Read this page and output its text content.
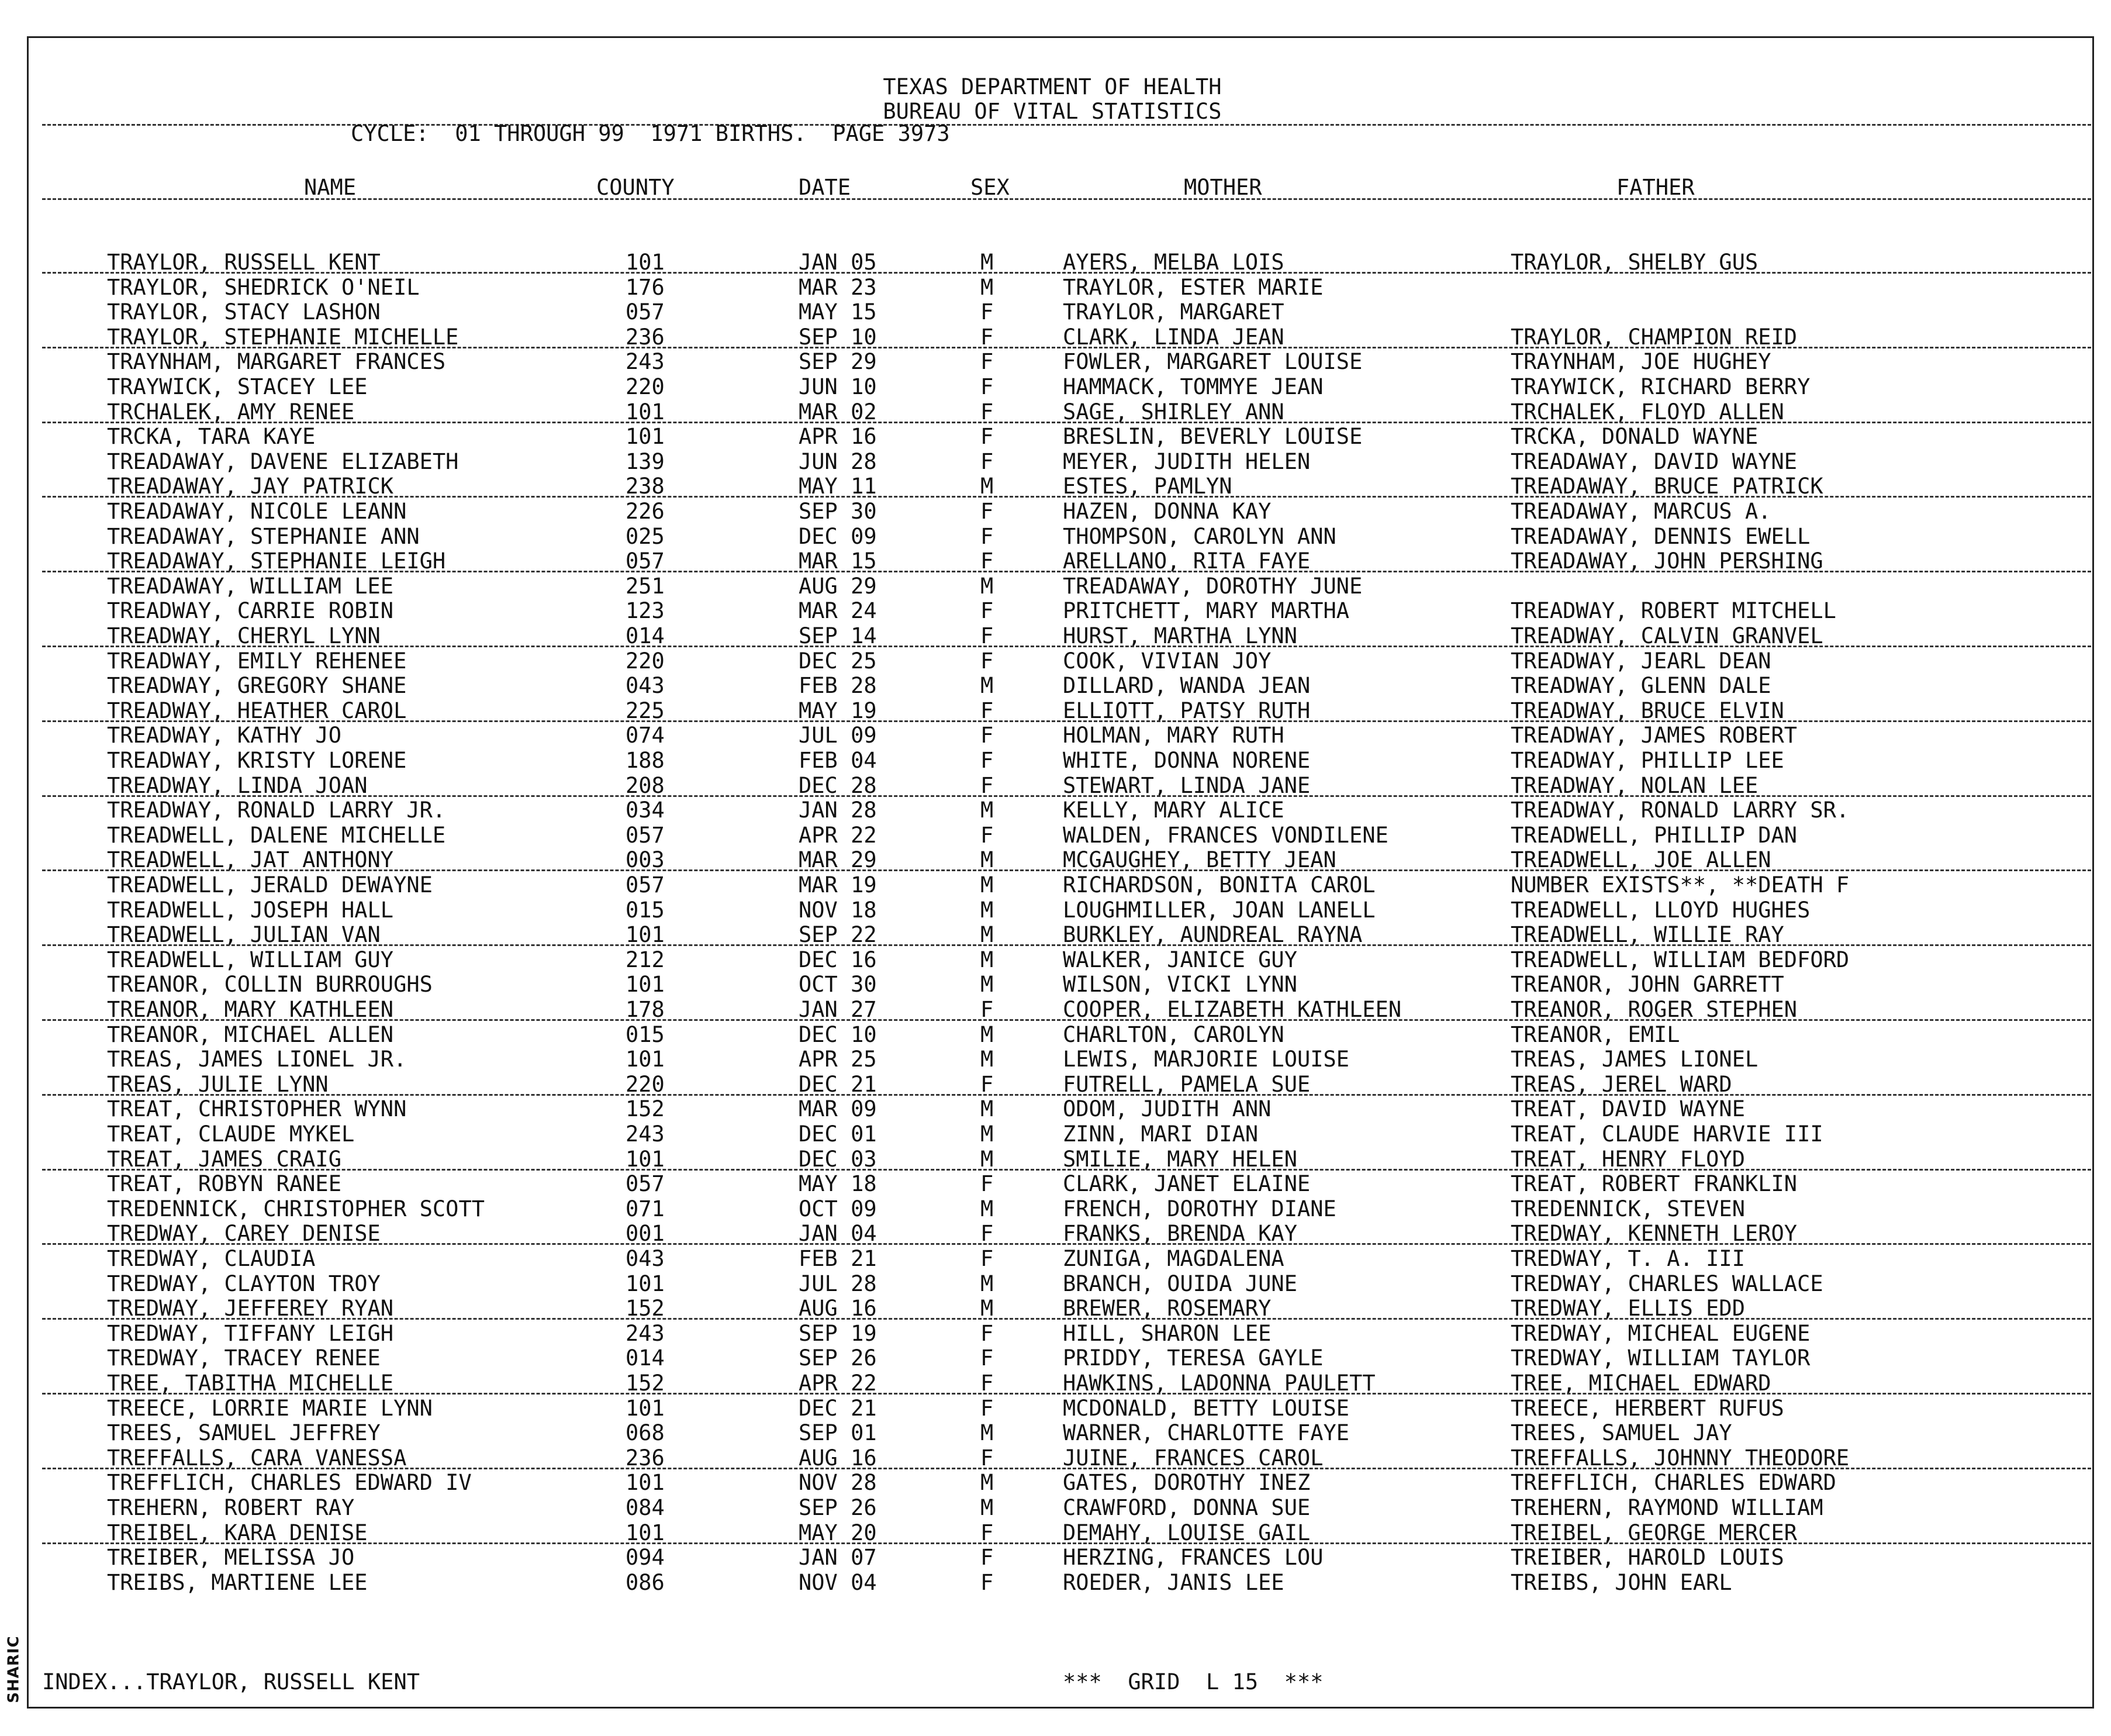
SHARIC
TEXAS DEPARTMENT OF HEALTH
BUREAU OF VITAL STATISTICS
CYCLE:  01 THROUGH 99  1971 BIRTHS.  PAGE 3973
NAME	COUNTY	DATE	SEX	MOTHER	FATHER
TRAYLOR, RUSSELL KENT	101	JAN 05	M	AYERS, MELBA LOIS	TRAYLOR, SHELBY GUS
TRAYLOR, SHEDRICK O'NEIL	176	MAR 23	M	TRAYLOR, ESTER MARIE
TRAYLOR, STACY LASHON	057	MAY 15	F	TRAYLOR, MARGARET
TRAYLOR, STEPHANIE MICHELLE	236	SEP 10	F	CLARK, LINDA JEAN	TRAYLOR, CHAMPION REID
TRAYNHAM, MARGARET FRANCES	243	SEP 29	F	FOWLER, MARGARET LOUISE	TRAYNHAM, JOE HUGHEY
TRAYWICK, STACEY LEE	220	JUN 10	F	HAMMACK, TOMMYE JEAN	TRAYWICK, RICHARD BERRY
TRCHALEK, AMY RENEE	101	MAR 02	F	SAGE, SHIRLEY ANN	TRCHALEK, FLOYD ALLEN
TRCKA, TARA KAYE	101	APR 16	F	BRESLIN, BEVERLY LOUISE	TRCKA, DONALD WAYNE
TREADAWAY, DAVENE ELIZABETH	139	JUN 28	F	MEYER, JUDITH HELEN	TREADAWAY, DAVID WAYNE
TREADAWAY, JAY PATRICK	238	MAY 11	M	ESTES, PAMLYN	TREADAWAY, BRUCE PATRICK
TREADAWAY, NICOLE LEANN	226	SEP 30	F	HAZEN, DONNA KAY	TREADAWAY, MARCUS A.
TREADAWAY, STEPHANIE ANN	025	DEC 09	F	THOMPSON, CAROLYN ANN	TREADAWAY, DENNIS EWELL
TREADAWAY, STEPHANIE LEIGH	057	MAR 15	F	ARELLANO, RITA FAYE	TREADAWAY, JOHN PERSHING
TREADAWAY, WILLIAM LEE	251	AUG 29	M	TREADAWAY, DOROTHY JUNE
TREADWAY, CARRIE ROBIN	123	MAR 24	F	PRITCHETT, MARY MARTHA	TREADWAY, ROBERT MITCHELL
TREADWAY, CHERYL LYNN	014	SEP 14	F	HURST, MARTHA LYNN	TREADWAY, CALVIN GRANVEL
TREADWAY, EMILY REHENEE	220	DEC 25	F	COOK, VIVIAN JOY	TREADWAY, JEARL DEAN
TREADWAY, GREGORY SHANE	043	FEB 28	M	DILLARD, WANDA JEAN	TREADWAY, GLENN DALE
TREADWAY, HEATHER CAROL	225	MAY 19	F	ELLIOTT, PATSY RUTH	TREADWAY, BRUCE ELVIN
TREADWAY, KATHY JO	074	JUL 09	F	HOLMAN, MARY RUTH	TREADWAY, JAMES ROBERT
TREADWAY, KRISTY LORENE	188	FEB 04	F	WHITE, DONNA NORENE	TREADWAY, PHILLIP LEE
TREADWAY, LINDA JOAN	208	DEC 28	F	STEWART, LINDA JANE	TREADWAY, NOLAN LEE
TREADWAY, RONALD LARRY JR.	034	JAN 28	M	KELLY, MARY ALICE	TREADWAY, RONALD LARRY SR.
TREADWELL, DALENE MICHELLE	057	APR 22	F	WALDEN, FRANCES VONDILENE	TREADWELL, PHILLIP DAN
TREADWELL, JAT ANTHONY	003	MAR 29	M	MCGAUGHEY, BETTY JEAN	TREADWELL, JOE ALLEN
TREADWELL, JERALD DEWAYNE	057	MAR 19	M	RICHARDSON, BONITA CAROL	NUMBER EXISTS**, **DEATH F
TREADWELL, JOSEPH HALL	015	NOV 18	M	LOUGHMILLER, JOAN LANELL	TREADWELL, LLOYD HUGHES
TREADWELL, JULIAN VAN	101	SEP 22	M	BURKLEY, AUNDREAL RAYNA	TREADWELL, WILLIE RAY
TREADWELL, WILLIAM GUY	212	DEC 16	M	WALKER, JANICE GUY	TREADWELL, WILLIAM BEDFORD
TREANOR, COLLIN BURROUGHS	101	OCT 30	M	WILSON, VICKI LYNN	TREANOR, JOHN GARRETT
TREANOR, MARY KATHLEEN	178	JAN 27	F	COOPER, ELIZABETH KATHLEEN	TREANOR, ROGER STEPHEN
TREANOR, MICHAEL ALLEN	015	DEC 10	M	CHARLTON, CAROLYN	TREANOR, EMIL
TREAS, JAMES LIONEL JR.	101	APR 25	M	LEWIS, MARJORIE LOUISE	TREAS, JAMES LIONEL
TREAS, JULIE LYNN	220	DEC 21	F	FUTRELL, PAMELA SUE	TREAS, JEREL WARD
TREAT, CHRISTOPHER WYNN	152	MAR 09	M	ODOM, JUDITH ANN	TREAT, DAVID WAYNE
TREAT, CLAUDE MYKEL	243	DEC 01	M	ZINN, MARI DIAN	TREAT, CLAUDE HARVIE III
TREAT, JAMES CRAIG	101	DEC 03	M	SMILIE, MARY HELEN	TREAT, HENRY FLOYD
TREAT, ROBYN RANEE	057	MAY 18	F	CLARK, JANET ELAINE	TREAT, ROBERT FRANKLIN
TREDENNICK, CHRISTOPHER SCOTT	071	OCT 09	M	FRENCH, DOROTHY DIANE	TREDENNICK, STEVEN
TREDWAY, CAREY DENISE	001	JAN 04	F	FRANKS, BRENDA KAY	TREDWAY, KENNETH LEROY
TREDWAY, CLAUDIA	043	FEB 21	F	ZUNIGA, MAGDALENA	TREDWAY, T. A. III
TREDWAY, CLAYTON TROY	101	JUL 28	M	BRANCH, OUIDA JUNE	TREDWAY, CHARLES WALLACE
TREDWAY, JEFFEREY RYAN	152	AUG 16	M	BREWER, ROSEMARY	TREDWAY, ELLIS EDD
TREDWAY, TIFFANY LEIGH	243	SEP 19	F	HILL, SHARON LEE	TREDWAY, MICHEAL EUGENE
TREDWAY, TRACEY RENEE	014	SEP 26	F	PRIDDY, TERESA GAYLE	TREDWAY, WILLIAM TAYLOR
TREE, TABITHA MICHELLE	152	APR 22	F	HAWKINS, LADONNA PAULETT	TREE, MICHAEL EDWARD
TREECE, LORRIE MARIE LYNN	101	DEC 21	F	MCDONALD, BETTY LOUISE	TREECE, HERBERT RUFUS
TREES, SAMUEL JEFFREY	068	SEP 01	M	WARNER, CHARLOTTE FAYE	TREES, SAMUEL JAY
TREFFALLS, CARA VANESSA	236	AUG 16	F	JUINE, FRANCES CAROL	TREFFALLS, JOHNNY THEODORE
TREFFLICH, CHARLES EDWARD IV	101	NOV 28	M	GATES, DOROTHY INEZ	TREFFLICH, CHARLES EDWARD
TREHERN, ROBERT RAY	084	SEP 26	M	CRAWFORD, DONNA SUE	TREHERN, RAYMOND WILLIAM
TREIBEL, KARA DENISE	101	MAY 20	F	DEMAHY, LOUISE GAIL	TREIBEL, GEORGE MERCER
TREIBER, MELISSA JO	094	JAN 07	F	HERZING, FRANCES LOU	TREIBER, HAROLD LOUIS
TREIBS, MARTIENE LEE	086	NOV 04	F	ROEDER, JANIS LEE	TREIBS, JOHN EARL
INDEX...TRAYLOR, RUSSELL KENT	***  GRID  L 15  ***
